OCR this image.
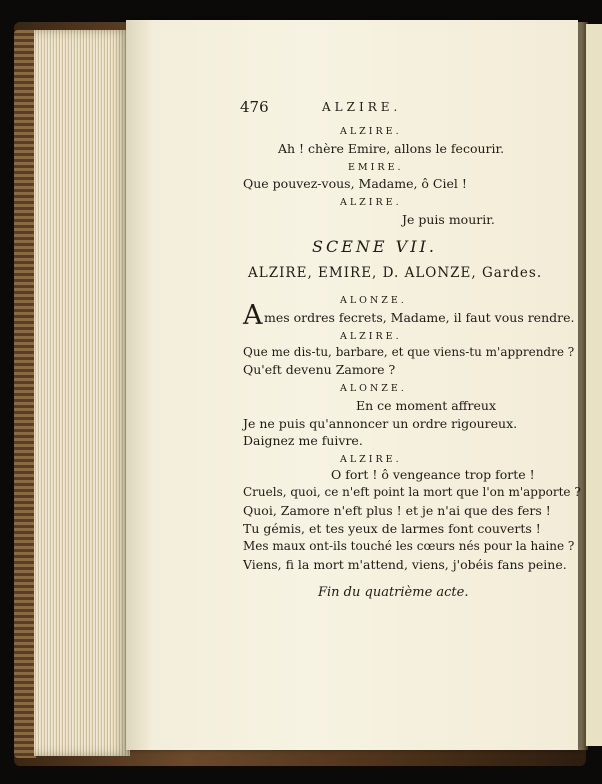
476	ALZIRE.
ALZIRE.
Ah ! chère Emire, allons le fecourir.
EMIRE.
Que pouvez-vous, Madame, ô Ciel !
ALZIRE.
Je puis mourir.
SCENE VII.
ALZIRE, EMIRE, D. ALONZE, Gardes.
ALONZE.
A mes ordres fecrets, Madame, il faut vous rendre.
ALZIRE.
Que me dis-tu, barbare, et que viens-tu m'apprendre ?
Qu'eft devenu Zamore ?
ALONZE.
En ce moment affreux
Je ne puis qu'annoncer un ordre rigoureux.
Daignez me fuivre.
ALZIRE.
O fort ! ô vengeance trop forte !
Cruels, quoi, ce n'eft point la mort que l'on m'apporte ?
Quoi, Zamore n'eft plus ! et je n'ai que des fers !
Tu gémis, et tes yeux de larmes font couverts !
Mes maux ont-ils touché les cœurs nés pour la haine ?
Viens, fi la mort m'attend, viens, j'obéis fans peine.
Fin du quatrième acte.
